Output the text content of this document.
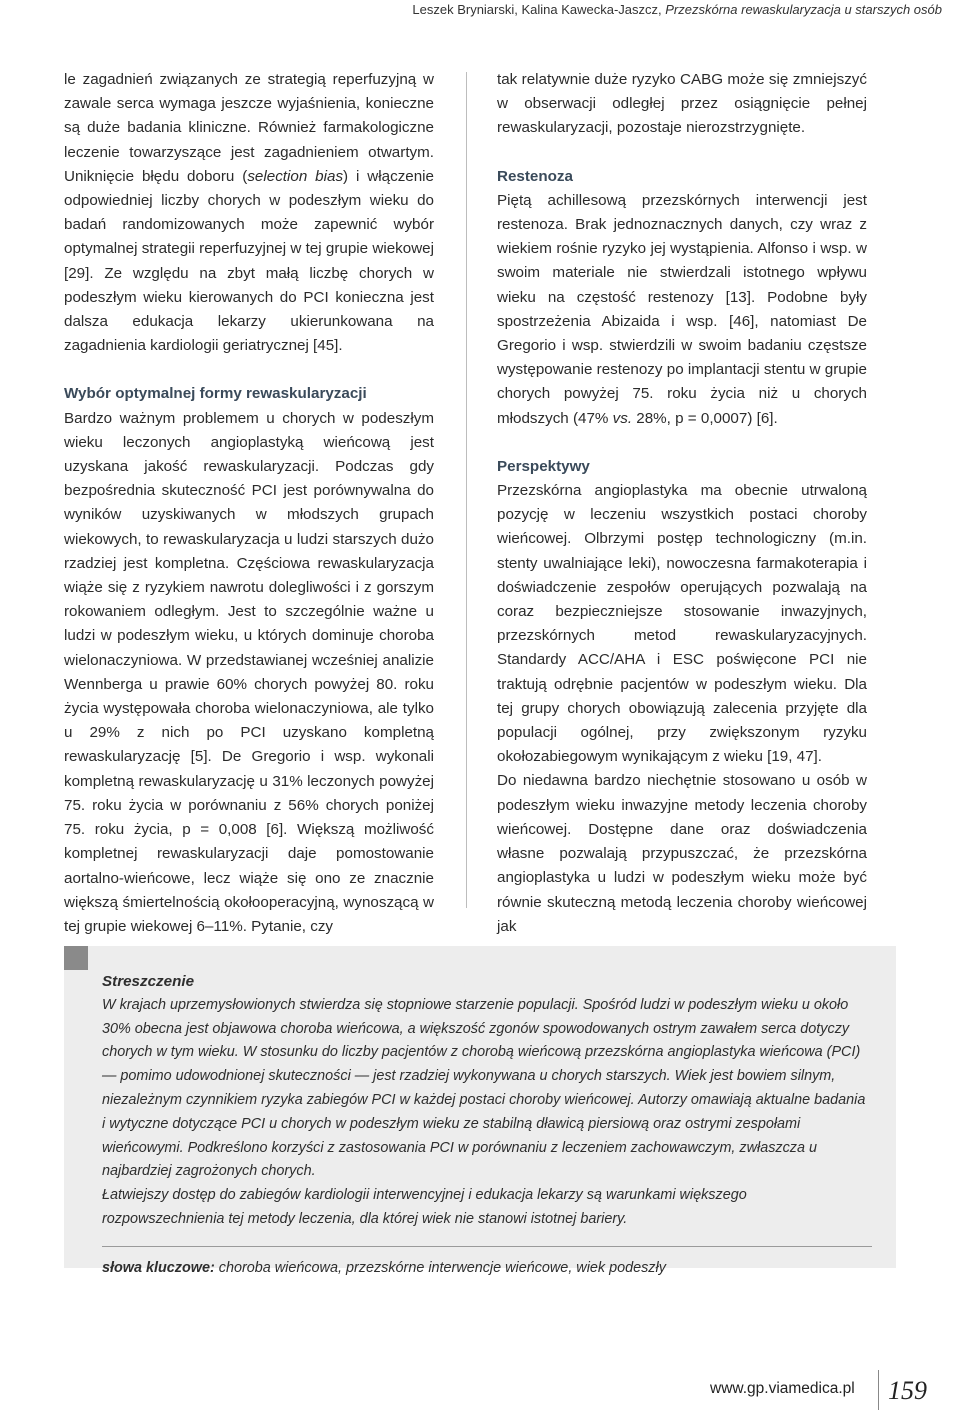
Leszek Bryniarski, Kalina Kawecka-Jaszcz, Przezskórna rewaskularyzacja u starszych osób

le zagadnień związanych ze strategią reperfuzyjną w zawale serca wymaga jeszcze wyjaśnienia, konieczne są duże badania kliniczne. Również farmakologiczne leczenie towarzyszące jest zagadnieniem otwartym. Uniknięcie błędu doboru (selection bias) i włączenie odpowiedniej liczby chorych w podeszłym wieku do badań randomizowanych może zapewnić wybór optymalnej strategii reperfuzyjnej w tej grupie wiekowej [29]. Ze względu na zbyt małą liczbę chorych w podeszłym wieku kierowanych do PCI konieczna jest dalsza edukacja lekarzy ukierunkowana na zagadnienia kardiologii geriatrycznej [45].

Wybór optymalnej formy rewaskularyzacji

Bardzo ważnym problemem u chorych w podeszłym wieku leczonych angioplastyką wieńcową jest uzyskana jakość rewaskularyzacji. Podczas gdy bezpośrednia skuteczność PCI jest porównywalna do wyników uzyskiwanych w młodszych grupach wiekowych, to rewaskularyzacja u ludzi starszych dużo rzadziej jest kompletna. Częściowa rewaskularyzacja wiąże się z ryzykiem nawrotu dolegliwości i z gorszym rokowaniem odległym. Jest to szczególnie ważne u ludzi w podeszłym wieku, u których dominuje choroba wielonaczyniowa. W przedstawianej wcześniej analizie Wennberga u prawie 60% chorych powyżej 80. roku życia występowała choroba wielonaczyniowa, ale tylko u 29% z nich po PCI uzyskano kompletną rewaskularyzację [5]. De Gregorio i wsp. wykonali kompletną rewaskularyzację u 31% leczonych powyżej 75. roku życia w porównaniu z 56% chorych poniżej 75. roku życia, p = 0,008 [6]. Większą możliwość kompletnej rewaskularyzacji daje pomostowanie aortalno-wieńcowe, lecz wiąże się ono ze znacznie większą śmiertelnością okołooperacyjną, wynoszącą w tej grupie wiekowej 6–11%. Pytanie, czy

tak relatywnie duże ryzyko CABG może się zmniejszyć w obserwacji odległej przez osiągnięcie pełnej rewaskularyzacji, pozostaje nierozstrzygnięte.

Restenoza

Piętą achillesową przezskórnych interwencji jest restenoza. Brak jednoznacznych danych, czy wraz z wiekiem rośnie ryzyko jej wystąpienia. Alfonso i wsp. w swoim materiale nie stwierdzali istotnego wpływu wieku na częstość restenozy [13]. Podobne były spostrzeżenia Abizaida i wsp. [46], natomiast De Gregorio i wsp. stwierdzili w swoim badaniu częstsze występowanie restenozy po implantacji stentu w grupie chorych powyżej 75. roku życia niż u chorych młodszych (47% vs. 28%, p = 0,0007) [6].

Perspektywy

Przezskórna angioplastyka ma obecnie utrwaloną pozycję w leczeniu wszystkich postaci choroby wieńcowej. Olbrzymi postęp technologiczny (m.in. stenty uwalniające leki), nowoczesna farmakoterapia i doświadczenie zespołów operujących pozwalają na coraz bezpieczniejsze stosowanie inwazyjnych, przezskórnych metod rewaskularyzacyjnych. Standardy ACC/AHA i ESC poświęcone PCI nie traktują odrębnie pacjentów w podeszłym wieku. Dla tej grupy chorych obowiązują zalecenia przyjęte dla populacji ogólnej, przy zwiększonym ryzyku okołozabiegowym wynikającym z wieku [19, 47].

Do niedawna bardzo niechętnie stosowano u osób w podeszłym wieku inwazyjne metody leczenia choroby wieńcowej. Dostępne dane oraz doświadczenia własne pozwalają przypuszczać, że przezskórna angioplastyka u ludzi w podeszłym wieku może być równie skuteczną metodą leczenia choroby wieńcowej jak

Streszczenie

W krajach uprzemysłowionych stwierdza się stopniowe starzenie populacji. Spośród ludzi w podeszłym wieku u około 30% obecna jest objawowa choroba wieńcowa, a większość zgonów spowodowanych ostrym zawałem serca dotyczy chorych w tym wieku. W stosunku do liczby pacjentów z chorobą wieńcową przezskórna angioplastyka wieńcowa (PCI) — pomimo udowodnionej skuteczności — jest rzadziej wykonywana u chorych starszych. Wiek jest bowiem silnym, niezależnym czynnikiem ryzyka zabiegów PCI w każdej postaci choroby wieńcowej. Autorzy omawiają aktualne badania i wytyczne dotyczące PCI u chorych w podeszłym wieku ze stabilną dławicą piersiową oraz ostrymi zespołami wieńcowymi. Podkreślono korzyści z zastosowania PCI w porównaniu z leczeniem zachowawczym, zwłaszcza u najbardziej zagrożonych chorych.

Łatwiejszy dostęp do zabiegów kardiologii interwencyjnej i edukacja lekarzy są warunkami większego rozpowszechnienia tej metody leczenia, dla której wiek nie stanowi istotnej bariery.

słowa kluczowe: choroba wieńcowa, przezskórne interwencje wieńcowe, wiek podeszły

www.gp.viamedica.pl 159
